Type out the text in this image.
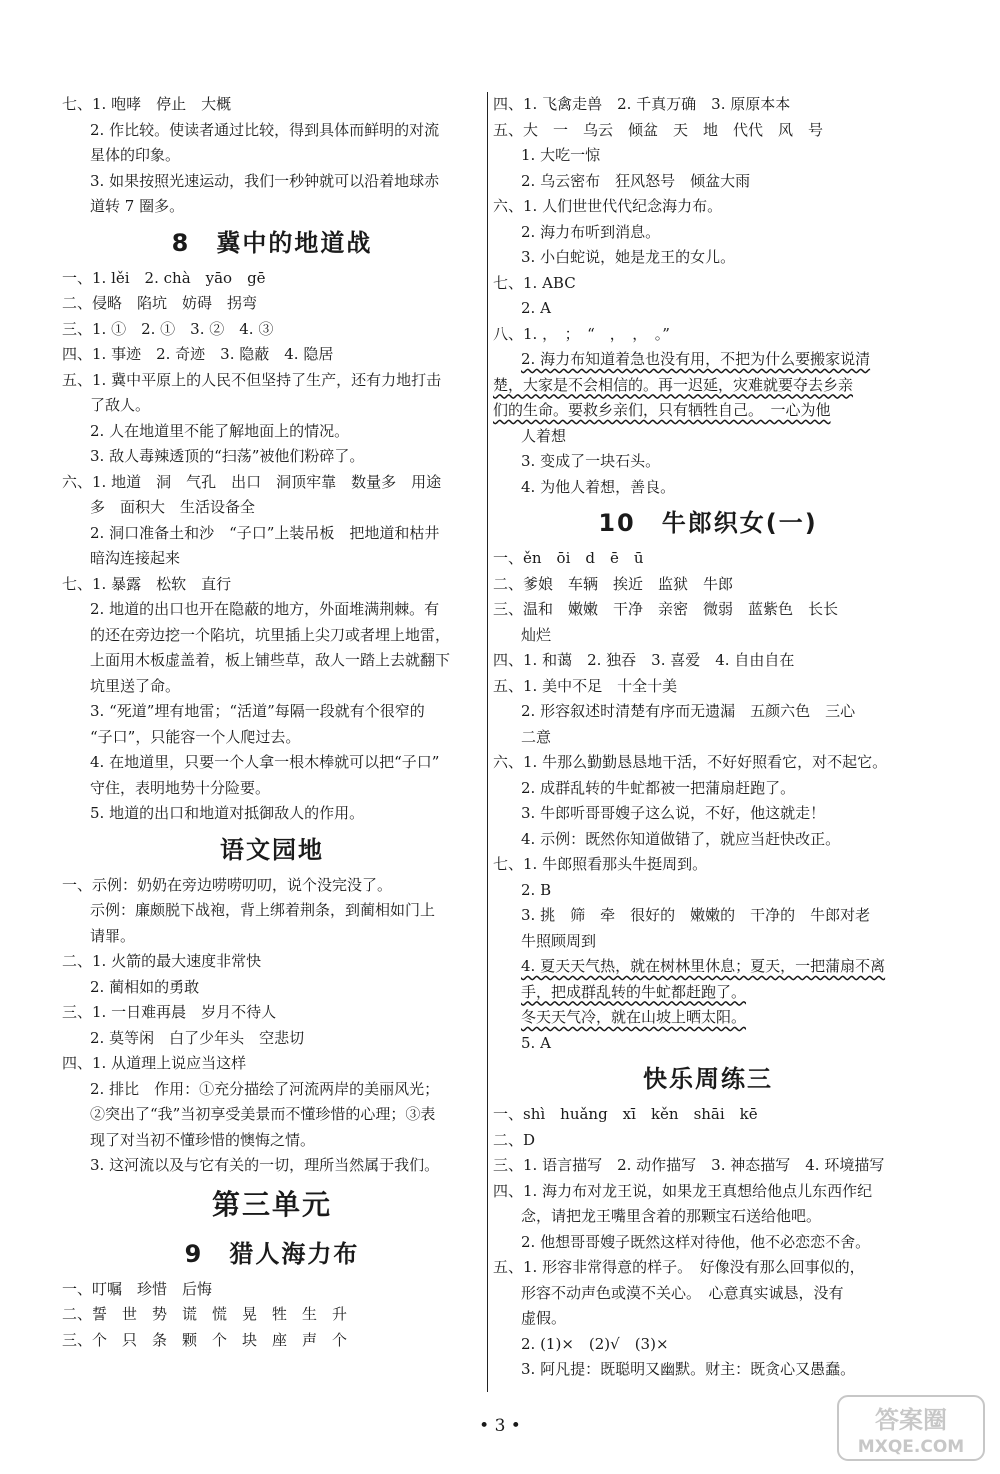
七、1. 咆哮　停止　大概
2. 作比较。使读者通过比较，得到具体而鲜明的对流
星体的印象。
3. 如果按照光速运动，我们一秒钟就可以沿着地球赤
道转 7 圈多。
8　冀中的地道战
一、1. lěi　2. chà　yāo　gē
二、侵略　陷坑　妨碍　拐弯
三、1. ①　2. ①　3. ②　4. ③
四、1. 事迹　2. 奇迹　3. 隐蔽　4. 隐居
五、1. 冀中平原上的人民不但坚持了生产，还有力地打击
了敌人。
2. 人在地道里不能了解地面上的情况。
3. 敌人毒辣透顶的“扫荡”被他们粉碎了。
六、1. 地道　洞　气孔　出口　洞顶牢靠　数量多　用途
多　面积大　生活设备全
2. 洞口准备土和沙　“子口”上装吊板　把地道和枯井
暗沟连接起来
七、1. 暴露　松软　直行
2. 地道的出口也开在隐蔽的地方，外面堆满荆棘。有
的还在旁边挖一个陷坑，坑里插上尖刀或者埋上地雷，
上面用木板虚盖着，板上铺些草，敌人一踏上去就翻下
坑里送了命。
3. “死道”埋有地雷；“活道”每隔一段就有个很窄的
“子口”，只能容一个人爬过去。
4. 在地道里，只要一个人拿一根木棒就可以把“子口”
守住，表明地势十分险要。
5. 地道的出口和地道对抵御敌人的作用。
语文园地
一、示例：奶奶在旁边唠唠叨叨，说个没完没了。
示例：廉颇脱下战袍，背上绑着荆条，到蔺相如门上
请罪。
二、1. 火箭的最大速度非常快
2. 蔺相如的勇敢
三、1. 一日难再晨　岁月不待人
2. 莫等闲　白了少年头　空悲切
四、1. 从道理上说应当这样
2. 排比　作用：①充分描绘了河流两岸的美丽风光；
②突出了“我”当初享受美景而不懂珍惜的心理；③表
现了对当初不懂珍惜的懊悔之情。
3. 这河流以及与它有关的一切，理所当然属于我们。
第三单元
9　猎人海力布
一、叮嘱　珍惜　后悔
二、誓　世　势　谎　慌　晃　牲　生　升
三、个　只　条　颗　个　块　座　声　个
四、1. 飞禽走兽　2. 千真万确　3. 原原本本
五、大　一　乌云　倾盆　天　地　代代　风　号
1. 大吃一惊
2. 乌云密布　狂风怒号　倾盆大雨
六、1. 人们世世代代纪念海力布。
2. 海力布听到消息。
3. 小白蛇说，她是龙王的女儿。
七、1. ABC
2. A
八、1. ，　；　“　，　，　。”
2. 海力布知道着急也没有用，不把为什么要搬家说清
楚，大家是不会相信的。再一迟延，灾难就要夺去乡亲
们的生命。要救乡亲们，只有牺牲自己。　一心为他
人着想
3. 变成了一块石头。
4. 为他人着想，善良。
10　牛郎织女(一)
一、ěn　ōi　d　ē　ū
二、爹娘　车辆　挨近　监狱　牛郎
三、温和　嫩嫩　干净　亲密　微弱　蓝紫色　长长
灿烂
四、1. 和蔼　2. 独吞　3. 喜爱　4. 自由自在
五、1. 美中不足　十全十美
2. 形容叙述时清楚有序而无遗漏　五颜六色　三心
二意
六、1. 牛那么勤勤恳恳地干活，不好好照看它，对不起它。
2. 成群乱转的牛虻都被一把蒲扇赶跑了。
3. 牛郎听哥哥嫂子这么说，不好，他这就走！
4. 示例：既然你知道做错了，就应当赶快改正。
七、1. 牛郎照看那头牛挺周到。
2. B
3. 挑　筛　牵　很好的　嫩嫩的　干净的　牛郎对老
牛照顾周到
4. 夏天天气热，就在树林里休息；夏天，一把蒲扇不离
手，把成群乱转的牛虻都赶跑了。
冬天天气冷，就在山坡上晒太阳。
5. A
快乐周练三
一、shì　huǎng　xī　kěn　shāi　kē
二、D
三、1. 语言描写　2. 动作描写　3. 神态描写　4. 环境描写
四、1. 海力布对龙王说，如果龙王真想给他点儿东西作纪
念，请把龙王嘴里含着的那颗宝石送给他吧。
2. 他想哥哥嫂子既然这样对待他，他不必恋恋不舍。
五、1. 形容非常得意的样子。　好像没有那么回事似的，
形容不动声色或漠不关心。　心意真实诚恳，没有
虚假。
2. (1)×　(2)√　(3)×
3. 阿凡提：既聪明又幽默。财主：既贪心又愚蠢。
• 3 •	答案圈
MXQE.COM
